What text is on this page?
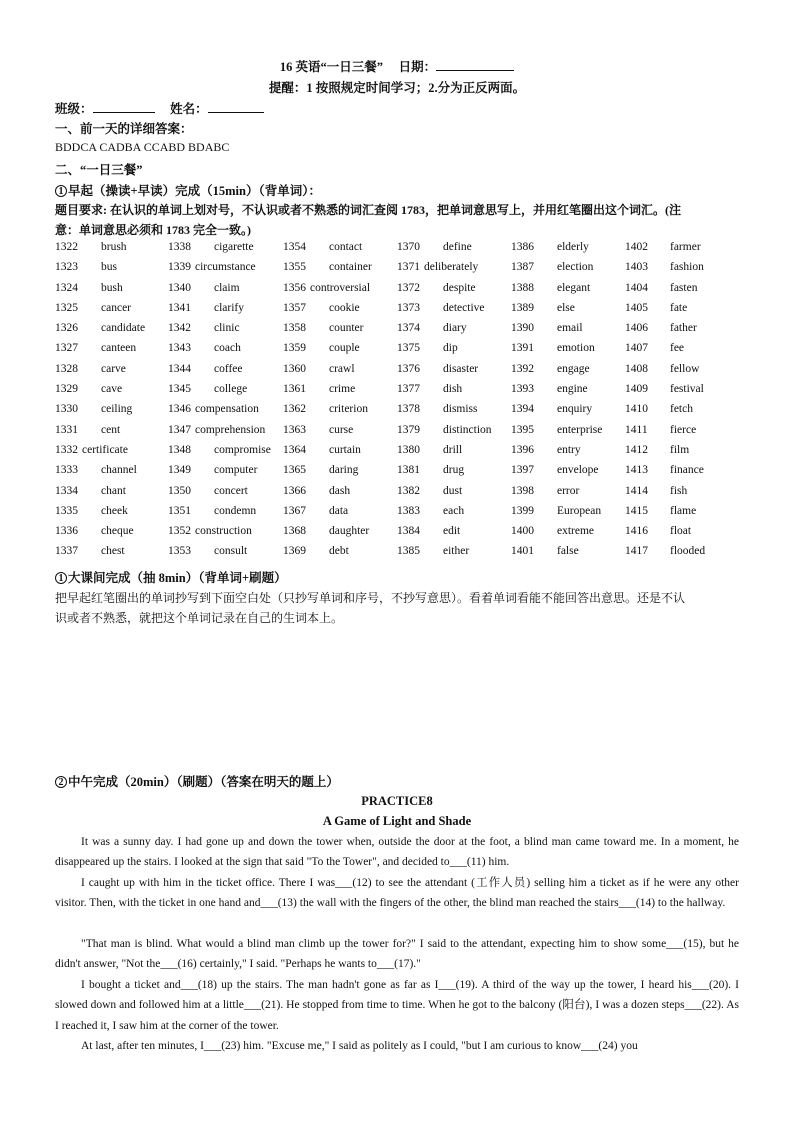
16 英语“一日三餐” 日期：
提醒：1 按照规定时间学习；2.分为正反两面。
班级：	姓名：
一、前一天的详细答案：
BDDCA CADBA CCABD BDABC
二、“一日三餐”
1 早起（操读+早读）完成（15min）（背单词）：
题目要求: 在认识的单词上划对号，不认识或者不熟悉的词汇查阅 1783，把单词意思写上，并用红笔圈出这个词汇。(注
意：单词意思必须和 1783 完全一致。)
1322 brush	1338 cigarette	1354 contact	1370 define	1386 elderly	1402 farmer
1323 bus	1339 circumstance 1355 container 1371 deliberately	1387 election	1403 fashion
1324 bush	1340 claim	1356 controversial 1372 despite	1388 elegant	1404 fasten
1325 cancer	1341 clarify	1357 cookie	1373 detective 1389 else	1405 fate
1326 candidate 1342 clinic	1358 counter	1374 diary	1390 email	1406 father
1327 canteen	1343 coach	1359 couple	1375 dip	1391 emotion	1407 fee
1328 carve	1344 coffee	1360 crawl	1376 disaster	1392 engage	1408 fellow
1329 cave	1345 college	1361 crime	1377 dish	1393 engine	1409 festival
1330 ceiling	1346 compensation 1362 criterion	1378 dismiss	1394 enquiry	1410 fetch
1331 cent	1347 comprehension 1363 curse	1379 distinction 1395 enterprise 1411 fierce
1332 certificate	1348 compromise 1364 curtain	1380 drill	1396 entry	1412 film
1333 channel	1349 computer 1365 daring	1381 drug	1397 envelope 1413 finance
1334 chant	1350 concert	1366 dash	1382 dust	1398 error	1414 fish
1335 cheek	1351 condemn 1367 data	1383 each	1399 European 1415 flame
1336 cheque	1352 construction	1368 daughter 1384 edit	1400 extreme	1416 float
1337 chest	1353 consult	1369 debt	1385 either	1401 false	1417 flooded
1 大课间完成（抽 8min）（背单词+刷题）
把早起红笔圈出的单词抄写到下面空白处（只抄写单词和序号，不抄写意思）。看着单词看能不能回答出意思。还是不认
识或者不熟悉，就把这个单词记录在自己的生词本上。
2 中午完成（20min）（刷题）（答案在明天的题上）
PRACTICE8
A Game of Light and Shade
It was a sunny day. I had gone up and down the tower when, outside the door at the foot, a blind man came toward me. In a moment, he disappeared up the stairs. I looked at the sign that said "To the Tower", and decided to___(11) him.
I caught up with him in the ticket office. There I was___(12) to see the attendant (工作人员) selling him a ticket as if he were any other visitor. Then, with the ticket in one hand and___(13) the wall with the fingers of the other, the blind man reached the stairs___(14) to the hallway.
"That man is blind. What would a blind man climb up the tower for?" I said to the attendant, expecting him to show some___(15), but he didn't answer, "Not the___(16) certainly," I said. "Perhaps he wants to___(17)."
I bought a ticket and___(18) up the stairs. The man hadn't gone as far as I___(19). A third of the way up the tower, I heard his___(20). I slowed down and followed him at a little___(21). He stopped from time to time. When he got to the balcony (阳台), I was a dozen steps___(22). As I reached it, I saw him at the corner of the tower.
At last, after ten minutes, I___(23) him. "Excuse me," I said as politely as I could, "but I am curious to know___(24) you
